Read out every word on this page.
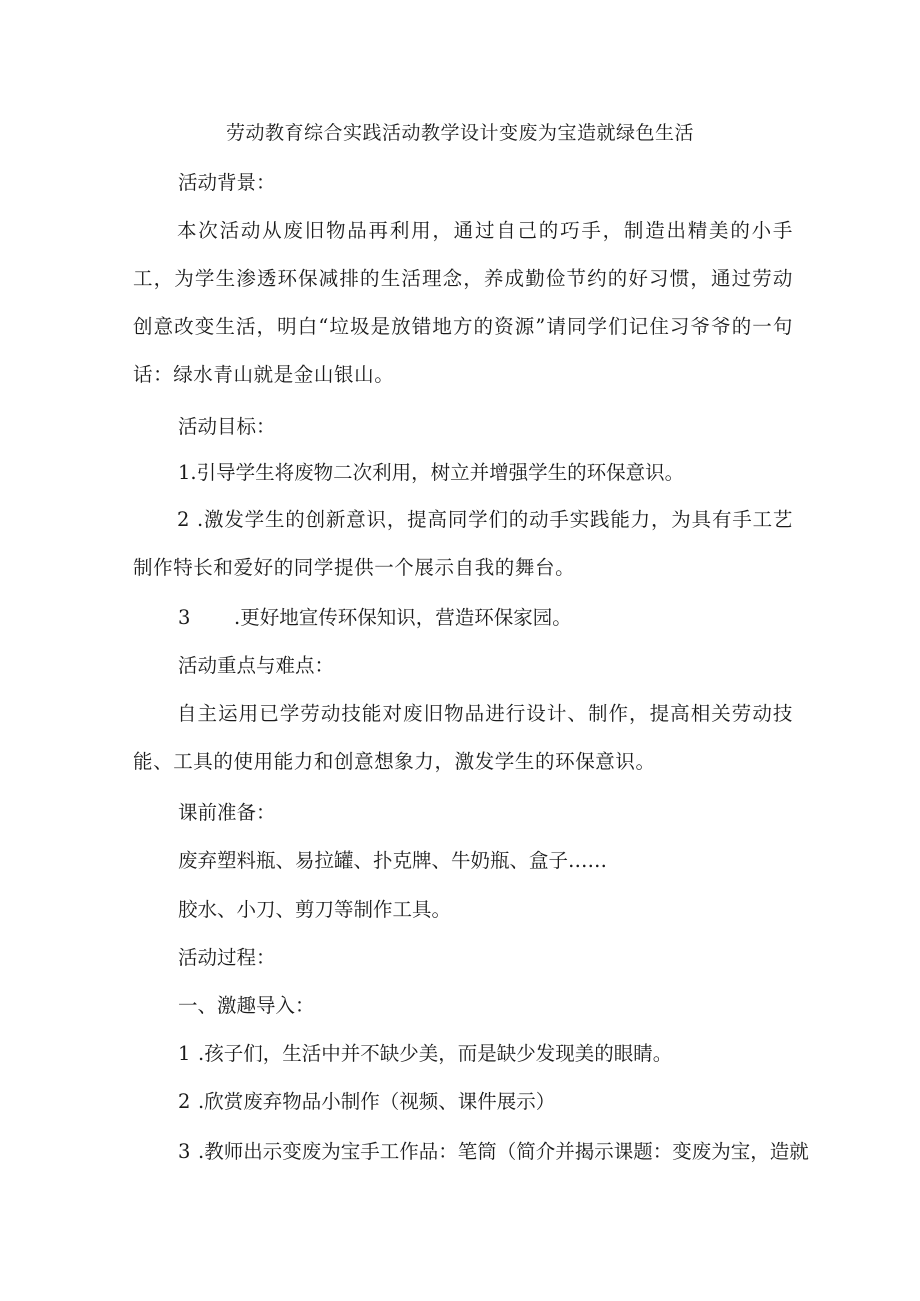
劳动教育综合实践活动教学设计变废为宝造就绿色生活
活动背景：
本次活动从废旧物品再利用，通过自己的巧手，制造出精美的小手工，为学生渗透环保减排的生活理念，养成勤俭节约的好习惯，通过劳动创意改变生活，明白“垃圾是放错地方的资源”请同学们记住习爷爷的一句话：绿水青山就是金山银山。
活动目标：
1.引导学生将废物二次利用，树立并增强学生的环保意识。
2 .激发学生的创新意识，提高同学们的动手实践能力，为具有手工艺制作特长和爱好的同学提供一个展示自我的舞台。
3 .更好地宣传环保知识，营造环保家园。
活动重点与难点：
自主运用已学劳动技能对废旧物品进行设计、制作，提高相关劳动技能、工具的使用能力和创意想象力，激发学生的环保意识。
课前准备：
废弃塑料瓶、易拉罐、扑克牌、牛奶瓶、盒子……
胶水、小刀、剪刀等制作工具。
活动过程：
一、激趣导入：
1 .孩子们，生活中并不缺少美，而是缺少发现美的眼睛。
2 .欣赏废弃物品小制作（视频、课件展示）
3 .教师出示变废为宝手工作品：笔筒（简介并揭示课题：变废为宝，造就
